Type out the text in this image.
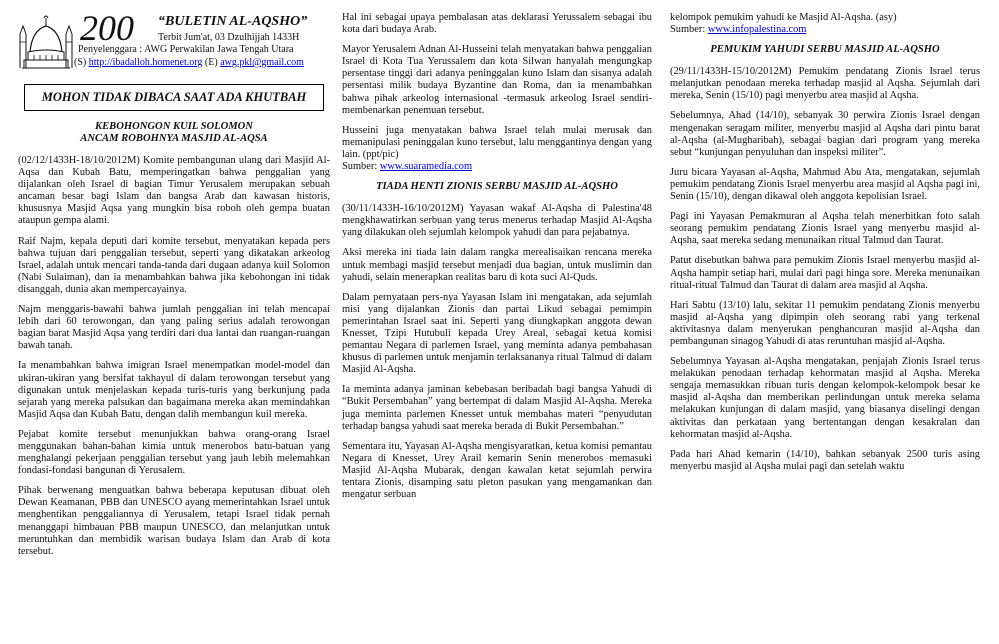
200 “BULETIN AL-AQSHO”
Terbit Jum'at, 03 Dzulhijjah 1433H
Penyelenggara : AWG Perwakilan Jawa Tengah Utara
(S) http://ibadalloh.homenet.org (E) awg.pkl@gmail.com
MOHON TIDAK DIBACA SAAT ADA KHUTBAH
KEBOHONGON KUIL SOLOMON
ANCAM ROBOHNYA MASJID AL-AQSA

(02/12/1433H-18/10/2012M) Komite pembangunan ulang dari Masjid Al-Aqsa dan Kubah Batu, memperingatkan bahwa penggalian yang dijalankan oleh Israel di bagian Timur Yerusalem merupakan sebuah ancaman besar bagi Islam dan bangsa Arab dan kawasan historis, khususnya Masjid Aqsa yang mungkin bisa roboh oleh gempa buatan ataupun gempa alami.

Raif Najm, kepala deputi dari komite tersebut, menyatakan kepada pers bahwa tujuan dari penggalian tersebut, seperti yang dikatakan arkeolog Israel, adalah untuk mencari tanda-tanda dari dugaan adanya kuil Solomon (Nabi Sulaiman), dan ia menambahkan bahwa jika kebohongan ini tidak disanggah, dunia akan mempercayainya.

Najm menggaris-bawahi bahwa jumlah penggalian ini telah mencapai lebih dari 60 terowongan, dan yang paling serius adalah terowongan bagian barat Masjid Aqsa yang terdiri dari dua lantai dan ruangan-ruangan bawah tanah.

Ia menambahkan bahwa imigran Israel menempatkan model-model dan ukiran-ukiran yang bersifat takhayul di dalam terowongan tersebut yang digunakan untuk menjelaskan kepada turis-turis yang berkunjung pada sejarah yang mereka palsukan dan bagaimana mereka akan memindahkan Masjid Aqsa dan Kubah Batu, dengan dalih membangun kuil mereka.

Pejabat komite tersebut menunjukkan bahwa orang-orang Israel menggunakan bahan-bahan kimia untuk menerobos batu-batuan yang menghalangi pekerjaan penggalian tersebut yang jauh lebih melemahkan fondasi-fondasi bangunan di Yerusalem.

Pihak berwenang menguatkan bahwa beberapa keputusan dibuat oleh Dewan Keamanan, PBB dan UNESCO ayang memerintahkan Israel untuk menghentikan penggaliannya di Yerusalem, tetapi Israel tidak pernah menanggapi himbauan PBB maupun UNESCO, dan melanjutkan untuk meruntuhkan dan membidik warisan budaya Islam dan Arab di kota tersebut.

Hal ini sebagai upaya pembalasan atas deklarasi Yerussalem sebagai ibu kota dari budaya Arab.

Mayor Yerusalem Adnan Al-Husseini telah menyatakan bahwa penggalian Israel di Kota Tua Yerussalem dan kota Silwan hanyalah mengungkap persentase tinggi dari adanya peninggalan kuno Islam dan sisanya adalah persentasi milik budaya Byzantine dan Roma, dan ia menambahkan bahwa pihak arkeolog internasional -termasuk arkeolog Israel sendiri- membenarkan penemuan tersebut.

Husseini juga menyatakan bahwa Israel telah mulai merusak dan memanipulasi peninggalan kuno tersebut, lalu menggantinya dengan yang lain. (ppt/pic)
Sumber: www.suaramedia.com

TIADA HENTI ZIONIS SERBU MASJID AL-AQSHO

(30/11/1433H-16/10/2012M) Yayasan wakaf Al-Aqsha di Palestina'48 mengkhawatirkan serbuan yang terus menerus terhadap Masjid Al-Aqsha yang dilakukan oleh sejumlah kelompok yahudi dan para pejabatnya.

Aksi mereka ini tiada lain dalam rangka merealisaikan rencana mereka untuk membagi masjid tersebut menjadi dua bagian, untuk muslimin dan yahudi, selain menerapkan realitas baru di kota suci Al-Quds.

Dalam pernyataan pers-nya Yayasan Islam ini mengatakan, ada sejumlah misi yang dijalankan Zionis dan partai Likud sebagai pemimpin pemerintahan Israel saat ini. Seperti yang diungkapkan anggota dewan Knesset, Tzipi Hutubuli kepada Urey Areal, sebagai ketua komisi pemantau Negara di parlemen Israel, yang meminta adanya pembahasan khusus di parlemen untuk menjamin terlaksananya ritual Talmud di dalam Masjid Al-Aqsha.

Ia meminta adanya jaminan kebebasan beribadah bagi bangsa Yahudi di “Bukit Persembahan” yang bertempat di dalam Masjid Al-Aqsha. Mereka juga meminta parlemen Knesset untuk membahas materi “penyudutan terhadap bangsa yahudi saat mereka berada di Bukit Persembahan.”

Sementara itu, Yayasan Al-Aqsha mengisyaratkan, ketua komisi pemantau Negara di Knesset, Urey Arail kemarin Senin menerobos memasuki Masjid Al-Aqsha Mubarak, dengan kawalan ketat sejumlah perwira tentara Zionis, disamping satu pleton pasukan yang mengamankan dan mengatur serbuan

kelompok pemukim yahudi ke Masjid Al-Aqsha. (asy)
Sumber: www.infopalestina.com

PEMUKIM YAHUDI SERBU MASJID AL-AQSHO

(29/11/1433H-15/10/2012M) Pemukim pendatang Zionis Israel terus melanjutkan penodaan mereka terhadap masjid al Aqsha. Sejumlah dari mereka, Senin (15/10) pagi menyerbu area masjid al Aqsha.

Sebelumnya, Ahad (14/10), sebanyak 30 perwira Zionis Israel dengan mengenakan seragam militer, menyerbu masjid al Aqsha dari pintu barat al-Aqsha (al-Mugharibah), sebagai bagian dari program yang mereka sebut “kunjungan penyuluhan dan inspeksi militer”.

Juru bicara Yayasan al-Aqsha, Mahmud Abu Ata, mengatakan, sejumlah pemukim pendatang Zionis Israel menyerbu area masjid al Aqsha pagi ini, Senin (15/10), dengan dikawal oleh anggota kepolisian Israel.

Pagi ini Yayasan Pemakmuran al Aqsha telah menerbitkan foto salah seorang pemukim pendatang Zionis Israel yang menyerbu masjid al-Aqsha, saat mereka sedang menunaikan ritual Talmud dan Taurat.

Patut disebutkan bahwa para pemukim Zionis Israel menyerbu masjid al-Aqsha hampir setiap hari, mulai dari pagi hinga sore. Mereka menunaikan ritual-ritual Talmud dan Taurat di dalam area masjid al Aqsha.

Hari Sabtu (13/10) lalu, sekitar 11 pemukim pendatang Zionis menyerbu masjid al-Aqsha yang dipimpin oleh seorang rabi yang terkenal aktivitasnya dalam menyerukan penghancuran masjid al-Aqsha dan pembangunan sinagog Yahudi di atas reruntuhan masjid al-Aqsha.

Sebelumnya Yayasan al-Aqsha mengatakan, penjajah Zionis Israel terus melakukan penodaan terhadap kehormatan masjid al Aqsha. Mereka sengaja memasukkan ribuan turis dengan kelompok-kelompok besar ke masjid al-Aqsha dan memberikan perlindungan untuk mereka selama melakukan kunjungan di dalam masjid, yang biasanya diselingi dengan aktivitas dan perkataan yang bertentangan dengan kesakralan dan kehormatan masjid al-Aqsha.

Pada hari Ahad kemarin (14/10), bahkan sebanyak 2500 turis asing menyerbu masjid al Aqsha mulai pagi dan setelah waktu
